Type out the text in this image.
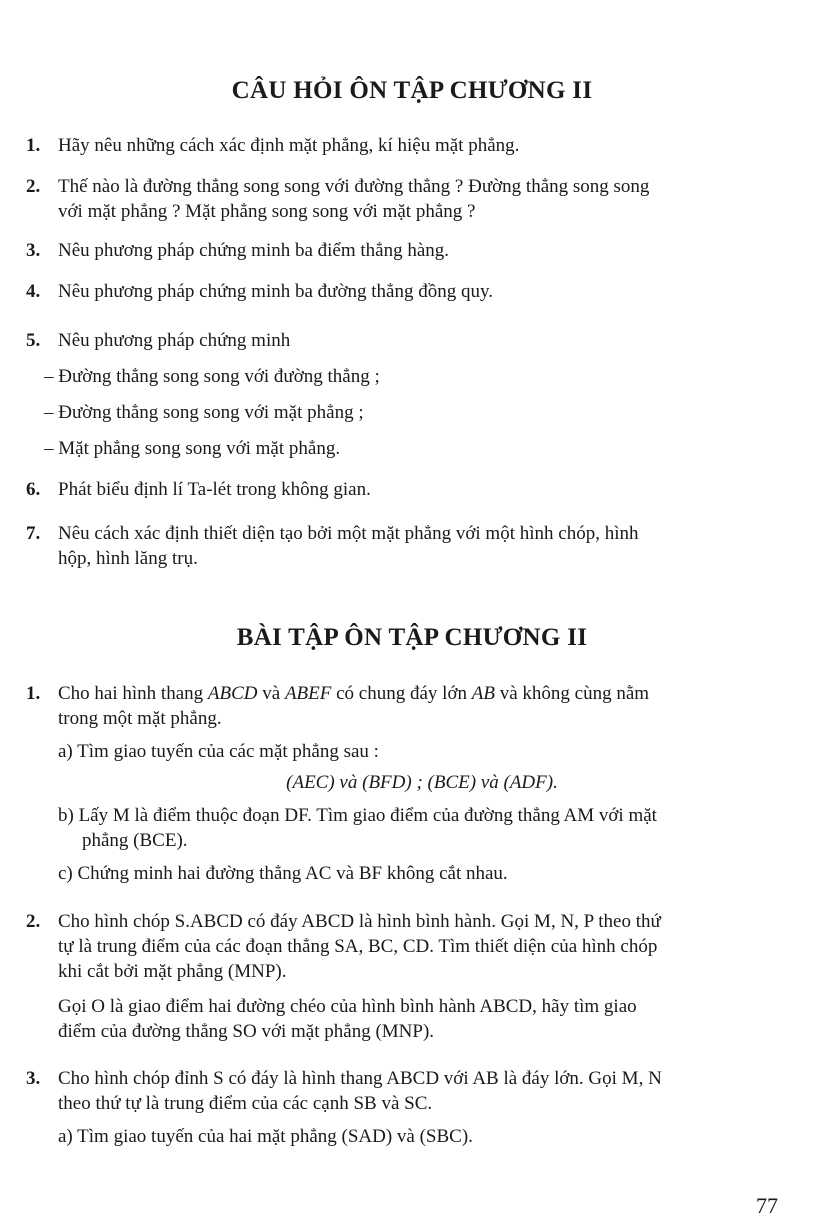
CÂU HỎI ÔN TẬP CHƯƠNG II
1. Hãy nêu những cách xác định mặt phẳng, kí hiệu mặt phẳng.
2. Thế nào là đường thẳng song song với đường thẳng ? Đường thẳng song song
với mặt phẳng ? Mặt phẳng song song với mặt phẳng ?
3. Nêu phương pháp chứng minh ba điểm thẳng hàng.
4. Nêu phương pháp chứng minh ba đường thẳng đồng quy.
5. Nêu phương pháp chứng minh
– Đường thẳng song song với đường thẳng ;
– Đường thẳng song song với mặt phẳng ;
– Mặt phẳng song song với mặt phẳng.
6. Phát biểu định lí Ta-lét trong không gian.
7. Nêu cách xác định thiết diện tạo bởi một mặt phẳng với một hình chóp, hình
hộp, hình lăng trụ.
BÀI TẬP ÔN TẬP CHƯƠNG II
1. Cho hai hình thang ABCD và ABEF có chung đáy lớn AB và không cùng nằm
trong một mặt phẳng.
a) Tìm giao tuyến của các mặt phẳng sau :
(AEC) và (BFD) ; (BCE) và (ADF).
b) Lấy M là điểm thuộc đoạn DF. Tìm giao điểm của đường thẳng AM với mặt
phẳng (BCE).
c) Chứng minh hai đường thẳng AC và BF không cắt nhau.
2. Cho hình chóp S.ABCD có đáy ABCD là hình bình hành. Gọi M, N, P theo thứ
tự là trung điểm của các đoạn thẳng SA, BC, CD. Tìm thiết diện của hình chóp
khi cắt bởi mặt phẳng (MNP).
Gọi O là giao điểm hai đường chéo của hình bình hành ABCD, hãy tìm giao
điểm của đường thẳng SO với mặt phẳng (MNP).
3. Cho hình chóp đỉnh S có đáy là hình thang ABCD với AB là đáy lớn. Gọi M, N
theo thứ tự là trung điểm của các cạnh SB và SC.
a) Tìm giao tuyến của hai mặt phẳng (SAD) và (SBC).
77
